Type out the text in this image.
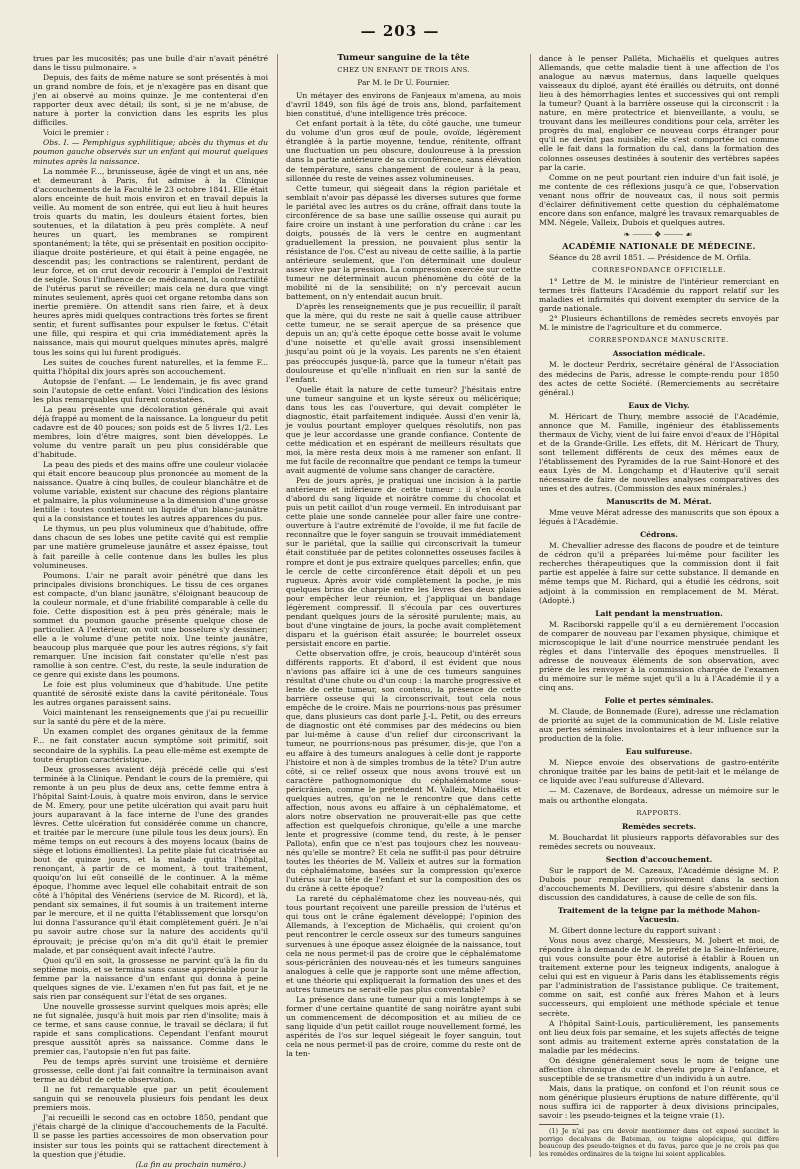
— 203 —

trues par les mucosités; pas une bulle d'air n'avait pénétré dans le tissu pulmonaire. »

Depuis, des faits de même nature se sont présentés à moi un grand nombre de fois, et je n'exagère pas en disant que j'en ai observé au moins quinze. Je me contenterai d'en rapporter deux avec détail; ils sont, si je ne m'abuse, de nature à porter la conviction dans les esprits les plus difficiles.

Voici le premier :

Obs. I. — Pemphigus syphilitique; abcès du thymus et du poumon gauche observés sur un enfant qui mourut quelques minutes après la naissance.

La nommée F..., brunisseuse, âgée de vingt et un ans, née et demeurant à Paris, fut admise à la Clinique d'accouchements de la Faculté le 23 octobre 1841. Elle était alors enceinte de huit mois environ et en travail depuis la veille. Au moment de son entrée, qui eut lieu à huit heures trois quarts du matin, les douleurs étaient fortes, bien soutenues, et la dilatation à peu près complète. A neuf heures un quart, les membranes se rompirent spontanément; la tête, qui se présentait en position occipito-iliaque droite postérieure, et qui était à peine engagée, ne descendit pas; les contractions se ralentirent, perdant de leur force, et on crut devoir recourir à l'emploi de l'extrait de seigle. Sous l'influence de ce médicament, la contractilité de l'utérus parut se réveiller; mais cela ne dura que vingt minutes seulement, après quoi cet organe retomba dans son inertie première. On attendit sans rien faire, et à deux heures après midi quelques contractions très fortes se firent sentir, et furent suffisantes pour expulser le fœtus. C'était une fille, qui respira et qui cria immédiatement après la naissance, mais qui mourut quelques minutes après, malgré tous les soins qui lui furent prodigués.

Les suites de couches furent naturelles, et la femme F... quitta l'hôpital dix jours après son accouchement.

Autopsie de l'enfant. — Le lendemain, je fis avec grand soin l'autopsie de cette enfant. Voici l'indication des lésions les plus remarquables qui furent constatées.

La peau présente une décoloration générale qui avait déjà frappé au moment de la naissance. La longueur du petit cadavre est de 40 pouces; son poids est de 5 livres 1/2. Les membres, loin d'être maigres, sont bien développés. Le volume du ventre paraît un peu plus considérable que d'habitude.

La peau des pieds et des mains offre une couleur violacée qui était encore beaucoup plus prononcée au moment de la naissance. Quatre à cinq bulles, de couleur blanchâtre et de volume variable, existent sur chacune des régions plantaire et palmaire, la plus volumineuse a la dimension d'une grosse lentille : toutes contiennent un liquide d'un blanc-jaunâtre qui a la consistance et toutes les autres apparences du pus.

Le thymus, un peu plus volumineux que d'habitude, offre dans chacun de ses lobes une petite cavité qui est remplie par une matière grumeleuse jaunâtre et assez épaisse, tout à fait pareille à celle contenue dans les bulles les plus volumineuses.

Poumons. L'air ne paraît avoir pénétré que dans les principales divisions bronchiques. Le tissu de ces organes est compacte, d'un blanc jaunâtre, s'éloignant beaucoup de la couleur normale, et d'une friabilité comparable à celle du foie. Cette disposition est à peu près générale; mais le sommet du poumon gauche présente quelque chose de particulier. A l'extérieur, on voit une bosselure s'y dessiner; elle a le volume d'une petite noix. Une teinte jaunâtre, beaucoup plus marquée que pour les autres régions, s'y fait remarquer. Une incision fait constater qu'elle n'est pas ramollie à son centre. C'est, du reste, la seule induration de ce genre qui existe dans les poumons.

Le foie est plus volumineux que d'habitude. Une petite quantité de sérosité existe dans la cavité péritonéale. Tous les autres organes paraissent sains.

Voici maintenant les renseignements que j'ai pu recueillir sur la santé du père et de la mère.

Un examen complet des organes génitaux de la femme F... ne fait constater aucun symptôme soit primitif, soit secondaire de la syphilis. La peau elle-même est exempte de toute éruption caractéristique.

Deux grossesses avaient déjà précédé celle qui s'est terminée à la Clinique. Pendant le cours de la première, qui remonte à un peu plus de deux ans, cette femme entra à l'hôpital Saint-Louis, à quatre mois environ, dans le service de M. Emery, pour une petite ulcération qui avait paru huit jours auparavant à la face interne de l'une des grandes lèvres. Cette ulcération fut considérée comme un chancre, et traitée par le mercure (une pilule tous les deux jours). En même temps on eut recours à des moyens locaux (bains de siège et lotions émollientes). La petite plaie fut cicatrisée au bout de quinze jours, et la malade quitta l'hôpital, renonçant, à partir de ce moment, à tout traitement, quoiqu'on lui eût conseillé de le continuer. A la même époque, l'homme avec lequel elle cohabitait entrait de son côté à l'hôpital des Vénériens (service de M. Ricord), et là, pendant six semaines, il fut soumis à un traitement interne par le mercure, et il ne quitta l'établissement que lorsqu'on lui donna l'assurance qu'il était complètement guéri. Je n'ai pu savoir autre chose sur la nature des accidents qu'il éprouvait; je précise qu'on m'a dit qu'il était le premier malade, et par conséquent avait infecté l'autre.

Quoi qu'il en soit, la grossesse ne parvint qu'à la fin du septième mois, et se termina sans cause appréciable pour la femme par la naissance d'un enfant qui donna à peine quelques signes de vie. L'examen n'en fut pas fait, et je ne sais rien par conséquent sur l'état de ses organes.

Une nouvelle grossesse survint quelques mois après; elle ne fut signalée, jusqu'à huit mois par rien d'insolite; mais à ce terme, et sans cause connue, le travail se déclara; il fut rapide et sans complications. Cependant l'enfant mourut presque aussitôt après sa naissance. Comme dans le premier cas, l'autopsie n'en fut pas faite.

Peu de temps après survint une troisième et dernière grossesse, celle dont j'ai fait connaître la terminaison avant terme au début de cette observation.

Il ne fut remarquable que par un petit écoulement sanguin qui se renouvela plusieurs fois pendant les deux premiers mois.

J'ai recueilli le second cas en octobre 1850, pendant que j'étais chargé de la clinique d'accouchements de la Faculté. Il se passe les parties accessoires de mon observation pour insister sur tous les points qui se rattachent directement à la question que j'étudie.

(La fin au prochain numéro.)

Tumeur sanguine de la tête
CHEZ UN ENFANT DE TROIS ANS.
Par M. le Dr U. Fournier.

Un métayer des environs de Fanjeaux m'amena, au mois d'avril 1849, son fils âgé de trois ans, blond, parfaitement bien constitué, d'une intelligence très précoce.

Cet enfant portait à la tête, du côté gauche, une tumeur du volume d'un gros œuf de poule, ovoïde, légèrement étranglée à la partie moyenne, tendue, rénitente, offrant une fluctuation un peu obscure, douloureuse à la pression dans la partie antérieure de sa circonférence, sans élévation de température, sans changement de couleur à la peau, sillonnée du reste de veines assez volumineuses.

Cette tumeur, qui siégeait dans la région pariétale et semblait n'avoir pas dépassé les diverses sutures que forme le pariétal avec les autres os du crâne, offrait dans toute la circonférence de sa base une saillie osseuse qui aurait pu faire croire un instant à une perforation du crâne : car les doigts, poussés de là vers le centre en augmentant graduellement la pression, ne pouvaient plus sentir la résistance de l'os. C'est au niveau de cette saillie, à la partie antérieure seulement, que l'on déterminait une douleur assez vive par la pression. La compression exercée sur cette tumeur ne déterminait aucun phénomène du côté de la mobilité ni de la sensibilité; on n'y percevait aucun battement, on n'y entendait aucun bruit.

D'après les renseignements que je pus recueillir, il paraît que la mère, qui du reste ne sait à quelle cause attribuer cette tumeur, ne se serait aperçue de sa présence que depuis un an; qu'à cette époque cette bosse avait le volume d'une noisette et qu'elle avait grossi insensiblement jusqu'au point où je la voyais. Les parents ne s'en étaient pas préoccupés jusque-là, parce que la tumeur n'était pas douloureuse et qu'elle n'influait en rien sur la santé de l'enfant.

Quelle était la nature de cette tumeur? J'hésitais entre une tumeur sanguine et un kyste séreux ou mélicérique; dans tous les cas l'ouverture, qui devait compléter le diagnostic, était parfaitement indiquée. Aussi d'en venir là, je voulus pourtant employer quelques résolutifs, non pas que je leur accordasse une grande confiance. Contente de cette médication et en espérant de meilleurs résultats que moi, la mère resta deux mois à me ramener son enfant. Il me fut facile de reconnaître que pendant ce temps la tumeur avait augmenté de volume sans changer de caractère.

Peu de jours après, je pratiquai une incision à la partie antérieure et inférieure de cette tumeur : il s'en écoula d'abord du sang liquide et noirâtre comme du chocolat et puis un petit caillot d'un rouge vermeil. En introduisant par cette plaie une sonde cannelée pour aller faire une contre-ouverture à l'autre extrémité de l'ovoïde, il me fut facile de reconnaître que le foyer sanguin se trouvait immédiatement sur le pariétal, que la saillie qui circonscrivait la tumeur était constituée par de petites colonnettes osseuses faciles à rompre et dont je pus extraire quelques parcelles; enfin, que le cercle de cette circonférence était dépoli et un peu rugueux. Après avoir vidé complètement la poche, je mis quelques brins de charpie entre les lèvres des deux plaies pour empêcher leur réunion, et j'appliquai un bandage légèrement compressif. Il s'écoula par ces ouvertures pendant quelques jours de la sérosité purulente; mais, au bout d'une vingtaine de jours, la poche avait complètement disparu et la guérison était assurée; le bourrelet osseux persistait encore en partie.

Cette observation offre, je crois, beaucoup d'intérêt sous différents rapports. Et d'abord, il est évident que nous n'avions pas affaire ici à une de ces tumeurs sanguines résultat d'une chute ou d'un coup : la marche progressive et lente de cette tumeur, son contenu, la présence de cette barrière osseuse qui la circonscrivait, tout cela nous empêche de le croire. Mais ne pourrions-nous pas présumer que, dans plusieurs cas dont parle J.-L. Petit, ou des erreurs de diagnostic ont été commises par des médecins ou bien par lui-même à cause d'un relief dur circonscrivant la tumeur, ne pourrions-nous pas présumer, dis-je, que l'on a eu affaire à des tumeurs analogues à celle dont je rapporte l'histoire et non à de simples trombus de la tête? D'un autre côté, si ce relief osseux que nous avons trouvé est un caractère pathognomonique du céphalématome sous-péricrânien, comme le prétendent M. Valleix, Michaëlis et quelques autres, qu'on ne le rencontre que dans cette affection, nous avons eu affaire à un céphalématome, et alors notre observation ne prouverait-elle pas que cette affection est quelquefois chronique, qu'elle a une marche lente et progressive (comme tend, du reste, à le penser Pallota), enfin que ce n'est pas toujours chez les nouveau-nés qu'elle se montre? Et cela ne suffit-il pas pour détruire toutes les théories de M. Valleix et autres sur la formation du céphalématome, basées sur la compression qu'exerce l'utérus sur la tête de l'enfant et sur la composition des os du crâne à cette époque?

La rareté du céphalématome chez les nouveau-nés, qui tous pourtant reçoivent une pareille pression de l'utérus et qui tous ont le crâne également développé; l'opinion des Allemands, à l'exception de Michaëlis, qui croient qu'on peut rencontrer le cercle osseux sur des tumeurs sanguines survenues à une époque assez éloignée de la naissance, tout cela ne nous permet-il pas de croire que le céphalématome sous-péricrânien des nouveau-nés et les tumeurs sanguines analogues à celle que je rapporte sont une même affection, et une théorie qui expliquerait la formation des unes et des autres tumeurs ne serait-elle pas plus conventable?

La présence dans une tumeur qui a mis longtemps à se former d'une certaine quantité de sang noirâtre ayant subi un commencement de décomposition et au milieu de ce sang liquide d'un petit caillot rouge nouvellement formé, les aspérités de l'os sur lequel siégeait le foyer sanguin, tout cela ne nous permet-il pas de croire, comme du reste ont de la ten-

dance à le penser Palléta, Michaëlis et quelques autres Allemands, que cette maladie tient à une affection de l'os analogue au nævus maternus, dans laquelle quelques vaisseaux du diploé, ayant été éraillés ou détruits, ont donné lieu à des hémorrhagies lentes et successives qui ont rempli la tumeur? Quant à la barrière osseuse qui la circonscrit : la nature, en mère protectrice et bienveillante, a voulu, se trouvant dans les meilleures conditions pour cela, arrêter les progrès du mal, englober ce nouveau corps étranger pour qu'il ne devînt pas nuisible; elle s'est comportée ici comme elle le fait dans la formation du cal, dans la formation des colonnes osseuses destinées à soutenir des vertèbres sapées par la carie.

Comme on ne peut pourtant rien induire d'un fait isolé, je me contente de ces réflexions jusqu'à ce que, l'observation venant nous offrir de nouveaux cas, il nous soit permis d'éclairer définitivement cette question du céphalématome encore dans son enfance, malgré les travaux remarquables de MM. Négele, Valleix, Dubois et quelques autres.

❧⸻❖⸻☙
ACADÉMIE NATIONALE DE MÉDECINE.

Séance du 28 avril 1851. — Présidence de M. Orfila.

CORRESPONDANCE OFFICIELLE.

1° Lettre de M. le ministre de l'intérieur remerciant en termes très flatteurs l'Académie du rapport relatif sur les maladies et infirmités qui doivent exempter du service de la garde nationale.

2° Plusieurs échantillons de remèdes secrets envoyés par M. le ministre de l'agriculture et du commerce.

CORRESPONDANCE MANUSCRITE.
Association médicale.

M. le docteur Perdrix, secrétaire général de l'Association des médecins de Paris, adresse le compte-rendu pour 1850 des actes de cette Société. (Remerciements au secrétaire général.)

Eaux de Vichy.

M. Héricart de Thury, membre associé de l'Académie, annonce que M. Famille, ingénieur des établissements thermaux de Vichy, vient de lui faire envoi d'eaux de l'Hôpital et de la Grande-Grille. Les effets, dit M. Héricart de Thury, sont tellement différents de ceux des mêmes eaux de l'établissement des Pyramides de la rue Saint-Honoré et des eaux Lyès de M. Longchamp et d'Hauterive qu'il serait nécessaire de faire de nouvelles analyses comparatives des unes et des autres. (Commission des eaux minérales.)

Manuscrits de M. Mérat.

Mme veuve Mérat adresse des manuscrits que son époux a légués à l'Académie.

Cédrons.

M. Chevallier adresse des flacons de poudre et de teinture de cédron qu'il a préparées lui-même pour faciliter les recherches thérapeutiques que la commission dont il fait partie est appelée à faire sur cette substance. Il demande en même temps que M. Richard, qui a étudié les cédrons, soit adjoint à la commission en remplacement de M. Mérat. (Adopté.)

Lait pendant la menstruation.

M. Raciborski rappelle qu'il a eu dernièrement l'occasion de comparer de nouveau par l'examen physique, chimique et microscopique le lait d'une nourrice menstruée pendant les règles et dans l'intervalle des époques menstruelles. Il adresse de nouveaux éléments de son observation, avec prière de les renvoyer à la commission chargée de l'examen du mémoire sur le même sujet qu'il a lu à l'Académie il y a cinq ans.

Folie et pertes séminales.

M. Claude, de Bonnemade (Eure), adresse une réclamation de priorité au sujet de la communication de M. Lisle relative aux pertes séminales involontaires et à leur influence sur la production de la folie.

Eau sulfureuse.

M. Niepce envoie des observations de gastro-entérite chronique traitée par les bains de petit-lait et le mélange de ce liquide avec l'eau sulfureuse d'Allevard.

— M. Cazenave, de Bordeaux, adresse un mémoire sur le maïs ou arthonthe elongata.

RAPPORTS.
Remèdes secrets.

M. Bouchardat lit plusieurs rapports défavorables sur des remèdes secrets ou nouveaux.

Section d'accouchement.

Sur le rapport de M. Cazeaux, l'Académie désigne M. P. Dubois pour remplacer provisoirement dans la section d'accouchements M. Devilliers, qui désire s'abstenir dans la discussion des candidatures, à cause de celle de son fils.

Traitement de la teigne par la méthode Mahon-Vacuesin.

M. Gibert donne lecture du rapport suivant :

Vous nous avez chargé, Messieurs, M. Jobert et moi, de répondre à la demande de M. le préfet de la Seine-Inférieure, qui vous consulte pour être autorisé à établir à Rouen un traitement externe pour les teigneux indigents, analogue à celui qui est en vigueur à Paris dans les établissements régis par l'administration de l'assistance publique. Ce traitement, comme on sait, est confié aux frères Mahon et à leurs successeurs, qui emploient une méthode spéciale et tenue secrète.

A l'hôpital Saint-Louis, particulièrement, les pansements ont lieu deux fois par semaine, et les sujets affectés de teigne sont admis au traitement externe après constatation de la maladie par les médecins.

On désigne généralement sous le nom de teigne une affection chronique du cuir chevelu propre à l'enfance, et susceptible de se transmettre d'un individu à un autre.

Mais, dans la pratique, on confond et l'on réunit sous ce nom générique plusieurs éruptions de nature différente, qu'il nous suffira ici de rapporter à deux divisions principales, savoir : les pseudo-teignes et la teigne vraie (1).

(1) Je n'ai pas cru devoir mentionner dans cet exposé succinct le porrigo decalvans de Bateman, ou teigne alopécique, qui diffère beaucoup des pseudo-teignes et du favus, parce que je ne crois pas que les remèdes ordinaires de la teigne lui soient applicables.
